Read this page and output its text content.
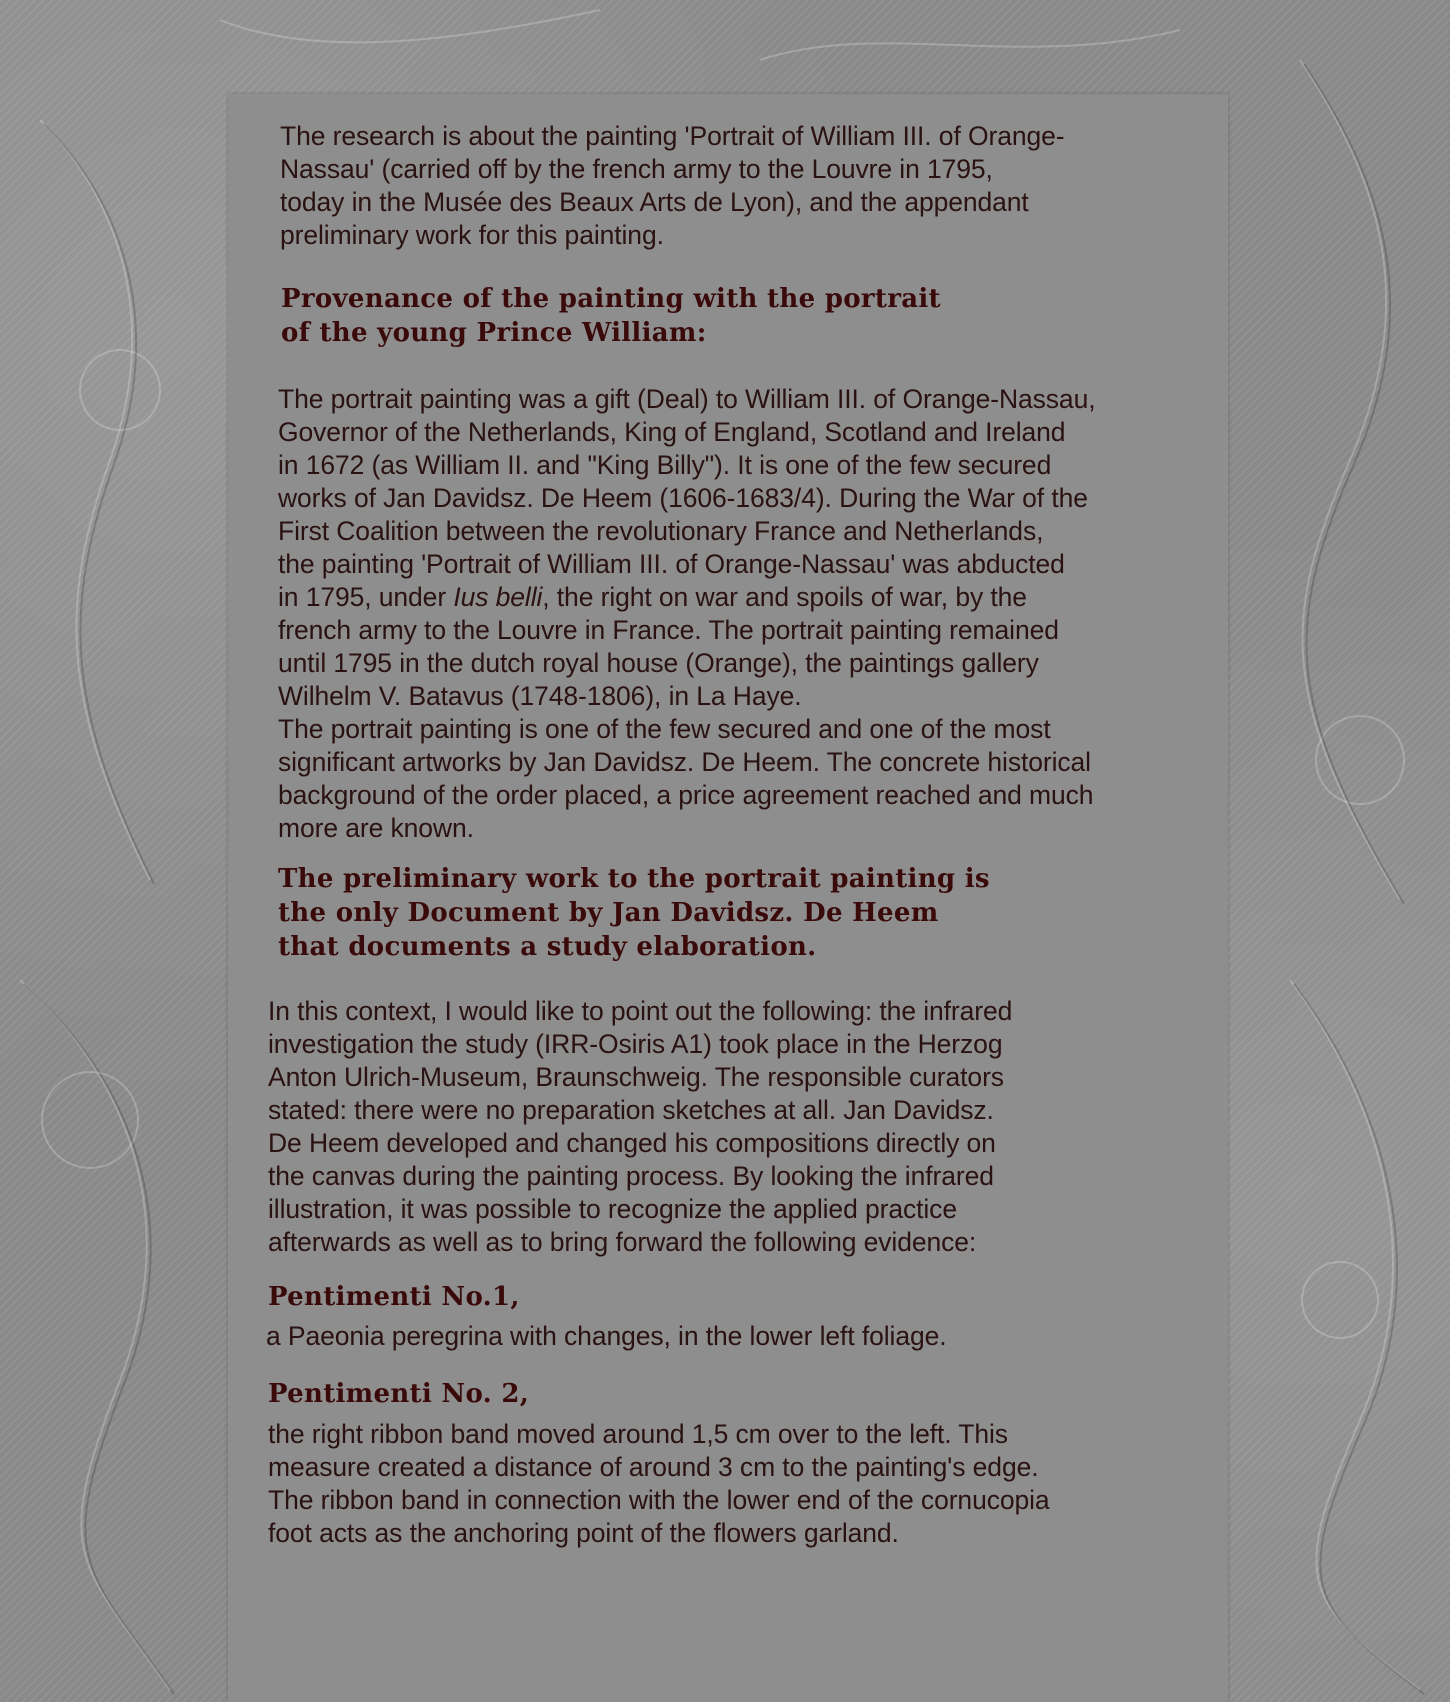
The research is about the painting 'Portrait of William III. of Orange-
Nassau' (carried off by the french army to the Louvre in 1795,
today in the Musée des Beaux Arts de Lyon), and the appendant
preliminary work for this painting.

Provenance of the painting with the portrait
of the young Prince William:

The portrait painting was a gift (Deal) to William III. of Orange-Nassau,
Governor of the Netherlands, King of England, Scotland and Ireland
in 1672 (as William II. and "King Billy"). It is one of the few secured
works of Jan Davidsz. De Heem (1606-1683/4). During the War of the
First Coalition between the revolutionary France and Netherlands,
the painting 'Portrait of William III. of Orange-Nassau' was abducted
in 1795, under Ius belli, the right on war and spoils of war, by the
french army to the Louvre in France. The portrait painting remained
until 1795 in the dutch royal house (Orange), the paintings gallery
Wilhelm V. Batavus (1748-1806), in La Haye.
The portrait painting is one of the few secured and one of the most
significant artworks by Jan Davidsz. De Heem. The concrete historical
background of the order placed, a price agreement reached and much
more are known.

The preliminary work to the portrait painting is
the only Document by Jan Davidsz. De Heem
that documents a study elaboration.

In this context, I would like to point out the following: the infrared
investigation the study (IRR-Osiris A1) took place in the Herzog
Anton Ulrich-Museum, Braunschweig. The responsible curators
stated: there were no preparation sketches at all. Jan Davidsz.
De Heem developed and changed his compositions directly on
the canvas during the painting process. By looking the infrared
illustration, it was possible to recognize the applied practice
afterwards as well as to bring forward the following evidence:

Pentimenti No.1,

a Paeonia peregrina with changes, in the lower left foliage.

Pentimenti No. 2,

the right ribbon band moved around 1,5 cm over to the left. This
measure created a distance of around 3 cm to the painting's edge.
The ribbon band in connection with the lower end of the cornucopia
foot acts as the anchoring point of the flowers garland.
